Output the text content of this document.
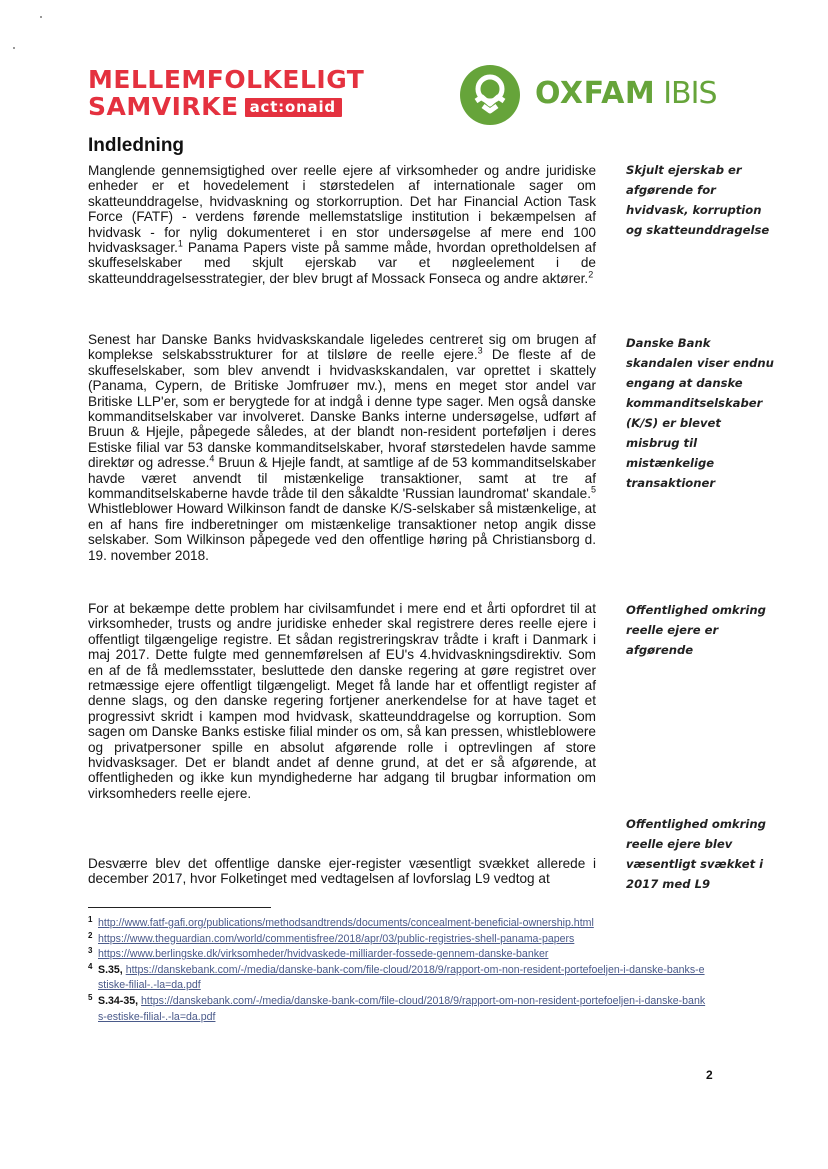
MELLEMFOLKELIGT
SAMVIRKE act:onaid	OXFAM IBIS
Indledning
Manglende gennemsigtighed over reelle ejere af virksomheder og andre juridiske enheder er et hovedelement i størstedelen af internationale sager om skatteunddragelse, hvidvaskning og storkorruption. Det har Financial Action Task Force (FATF) - verdens førende mellemstatslige institution i bekæmpelsen af hvidvask - for nylig dokumenteret i en stor undersøgelse af mere end 100 hvidvasksager.$^1$ Panama Papers viste på samme måde, hvordan opretholdelsen af skuffeselskaber med skjult ejerskab var et nøgleelement i de skatteunddragelsesstrategier, der blev brugt af Mossack Fonseca og andre aktører.$^2$
Senest har Danske Banks hvidvaskskandale ligeledes centreret sig om brugen af komplekse selskabsstrukturer for at tilsløre de reelle ejere.$^3$ De fleste af de skuffeselskaber, som blev anvendt i hvidvaskskandalen, var oprettet i skattely (Panama, Cypern, de Britiske Jomfruøer mv.), mens en meget stor andel var Britiske LLP'er, som er berygtede for at indgå i denne type sager. Men også danske kommanditselskaber var involveret. Danske Banks interne undersøgelse, udført af Bruun & Hjejle, påpegede således, at der blandt non-resident porteføljen i deres Estiske filial var 53 danske kommanditselskaber, hvoraf størstedelen havde samme direktør og adresse.$^4$ Bruun & Hjejle fandt, at samtlige af de 53 kommanditselskaber havde været anvendt til mistænkelige transaktioner, samt at tre af kommanditselskaberne havde tråde til den såkaldte 'Russian laundromat' skandale.$^5$ Whistleblower Howard Wilkinson fandt de danske K/S-selskaber så mistænkelige, at en af hans fire indberetninger om mistænkelige transaktioner netop angik disse selskaber. Som Wilkinson påpegede ved den offentlige høring på Christiansborg d. 19. november 2018.
For at bekæmpe dette problem har civilsamfundet i mere end et årti opfordret til at virksomheder, trusts og andre juridiske enheder skal registrere deres reelle ejere i offentligt tilgængelige registre. Et sådan registreringskrav trådte i kraft i Danmark i maj 2017. Dette fulgte med gennemførelsen af EU's 4.hvidvaskningsdirektiv. Som en af de få medlemsstater, besluttede den danske regering at gøre registret over retmæssige ejere offentligt tilgængeligt. Meget få lande har et offentligt register af denne slags, og den danske regering fortjener anerkendelse for at have taget et progressivt skridt i kampen mod hvidvask, skatteunddragelse og korruption. Som sagen om Danske Banks estiske filial minder os om, så kan pressen, whistleblowere og privatpersoner spille en absolut afgørende rolle i optrevlingen af store hvidvasksager. Det er blandt andet af denne grund, at det er så afgørende, at offentligheden og ikke kun myndighederne har adgang til brugbar information om virksomheders reelle ejere.
Desværre blev det offentlige danske ejer-register væsentligt svækket allerede i december 2017, hvor Folketinget med vedtagelsen af lovforslag L9 vedtog at
Skjult ejerskab er afgørende for hvidvask, korruption og skatteunddragelse
Danske Bank skandalen viser endnu engang at danske kommanditselskaber (K/S) er blevet misbrug til mistænkelige transaktioner
Offentlighed omkring reelle ejere er afgørende
Offentlighed omkring reelle ejere blev væsentligt svækket i 2017 med L9
1 http://www.fatf-gafi.org/publications/methodsandtrends/documents/concealment-beneficial-ownership.html
2 https://www.theguardian.com/world/commentisfree/2018/apr/03/public-registries-shell-panama-papers
3 https://www.berlingske.dk/virksomheder/hvidvaskede-milliarder-fossede-gennem-danske-banker
4 S.35, https://danskebank.com/-/media/danske-bank-com/file-cloud/2018/9/rapport-om-non-resident-portefoeljen-i-danske-banks-estiske-filial-.-la=da.pdf
5 S.34-35, https://danskebank.com/-/media/danske-bank-com/file-cloud/2018/9/rapport-om-non-resident-portefoeljen-i-danske-banks-estiske-filial-.-la=da.pdf
2
